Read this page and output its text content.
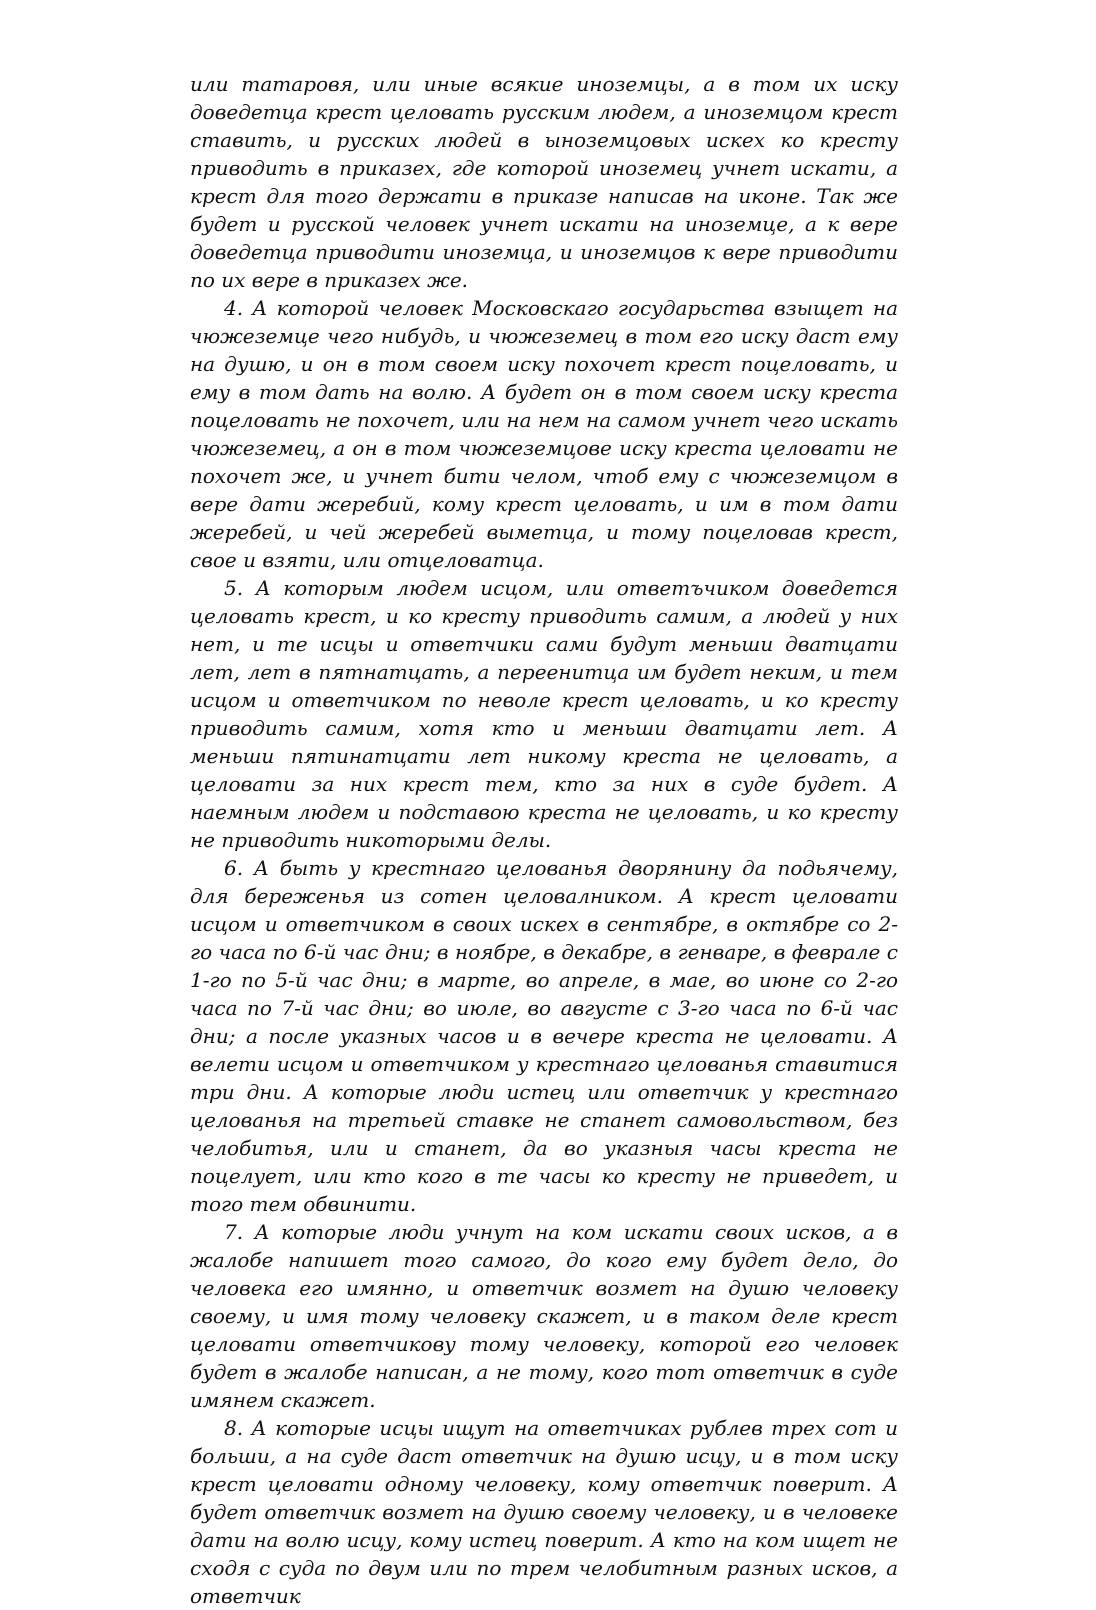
или татаровя, или иные всякие иноземцы, а в том их иску доведетца крест целовать русским людем, а иноземцом крест ставить, и русских людей в ыноземцовых искех ко кресту приводить в приказех, где которой иноземец учнет искати, а крест для того держати в приказе написав на иконе. Так же будет и русской человек учнет искати на иноземце, а к вере доведетца приводити иноземца, и иноземцов к вере приводити по их вере в приказех же.

4. А которой человек Московскаго государьства взыщет на чюжеземце чего нибудь, и чюжеземец в том его иску даст ему на душю, и он в том своем иску похочет крест поцеловать, и ему в том дать на волю. А будет он в том своем иску креста поцеловать не похочет, или на нем на самом учнет чего искать чюжеземец, а он в том чюжеземцове иску креста целовати не похочет же, и учнет бити челом, чтоб ему с чюжеземцом в вере дати жеребий, кому крест целовать, и им в том дати жеребей, и чей жеребей выметца, и тому поцеловав крест, свое и взяти, или отцеловатца.

5. А которым людем исцом, или ответъчиком доведется целовать крест, и ко кресту приводить самим, а людей у них нет, и те исцы и ответчики сами будут меньши дватцати лет, лет в пятнатцать, а переенитца им будет неким, и тем исцом и ответчиком по неволе крест целовать, и ко кресту приводить самим, хотя кто и меньши дватцати лет. А меньши пятинатцати лет никому креста не целовать, а целовати за них крест тем, кто за них в суде будет. А наемным людем и подставою креста не целовать, и ко кресту не приводить никоторыми делы.

6. А быть у крестнаго целованья дворянину да подьячему, для береженья из сотен целовалником. А крест целовати исцом и ответчиком в своих искех в сентябре, в октябре со 2-го часа по 6-й час дни; в ноябре, в декабре, в генваре, в феврале с 1-го по 5-й час дни; в марте, во апреле, в мае, во июне со 2-го часа по 7-й час дни; во июле, во августе с 3-го часа по 6-й час дни; а после указных часов и в вечере креста не целовати. А велети исцом и ответчиком у крестнаго целованья ставитися три дни. А которые люди истец или ответчик у крестнаго целованья на третьей ставке не станет самовольством, без челобитья, или и станет, да во указныя часы креста не поцелует, или кто кого в те часы ко кресту не приведет, и того тем обвинити.

7. А которые люди учнут на ком искати своих исков, а в жалобе напишет того самого, до кого ему будет дело, до человека его имянно, и ответчик возмет на душю человеку своему, и имя тому человеку скажет, и в таком деле крест целовати ответчикову тому человеку, которой его человек будет в жалобе написан, а не тому, кого тот ответчик в суде имянем скажет.

8. А которые исцы ищут на ответчиках рублев трех сот и больши, а на суде даст ответчик на душю исцу, и в том иску крест целовати одному человеку, кому ответчик поверит. А будет ответчик возмет на душю своему человеку, и в человеке дати на волю исцу, кому истец поверит. А кто на ком ищет не сходя с суда по двум или по трем челобитным разных исков, а ответчик
